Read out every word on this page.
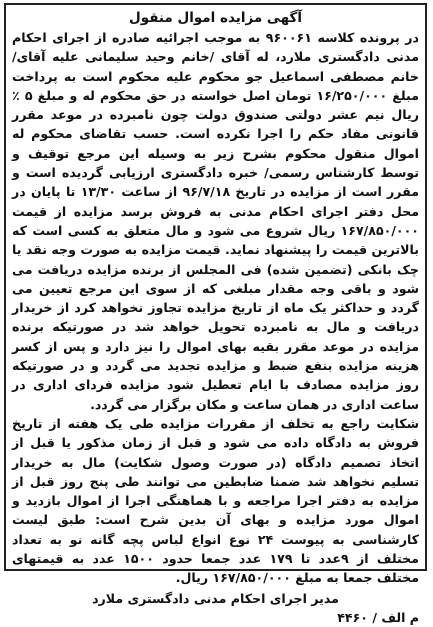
آگهی مزایده اموال منقول

در پرونده کلاسه ۹۶۰۰۶۱ به موجب اجرائیه صادره از اجرای احکام مدنی دادگستری ملارد، له آقای /خانم وحید سلیمانی علیه آقای/خانم مصطفی اسماعیل جو محکوم علیه محکوم است به پرداخت مبلغ ۱۶/۲۵۰/۰۰۰ تومان اصل خواسته در حق محکوم له و مبلغ ۵ ٪ ریال نیم عشر دولتی صندوق دولت چون نامبرده در موعد مقرر قانونی مفاد حکم را اجرا نکرده است. حسب تقاضای محکوم له اموال منقول محکوم بشرح زیر به وسیله این مرجع توقیف و توسط کارشناس رسمی/ خبره دادگستری ارزیابی گردیده است و مقرر است از مزایده در تاریخ ۹۶/۷/۱۸ از ساعت ۱۳/۳۰ تا پایان در محل دفتر اجرای احکام مدنی به فروش برسد مزایده از قیمت ۱۶۷/۸۵۰/۰۰۰ ریال شروع می شود و مال متعلق به کسی است که بالاترین قیمت را پیشنهاد نماید. قیمت مزایده به صورت وجه نقد یا چک بانکی (تضمین شده) فی المجلس از برنده مزایده دریافت می شود و باقی وجه مقدار مبلغی که از سوی این مرجع تعیین می گردد و حداکثر یک ماه از تاریخ مزایده تجاوز نخواهد کرد از خریدار دریافت و مال به نامبرده تحویل خواهد شد در صورتیکه برنده مزایده در موعد مقرر بقیه بهای اموال را نیز دارد و پس از کسر هزینه مزایده بنفع ضبط و مزایده تجدید می گردد و در صورتیکه روز مزایده مصادف با ایام تعطیل شود مزایده فردای اداری در ساعت اداری در همان ساعت و مکان برگزار می گردد.

شکایت راجع به تخلف از مقررات مزایده طی یک هفته از تاریخ فروش به دادگاه داده می شود و قبل از زمان مذکور یا قبل از اتخاذ تصمیم دادگاه (در صورت وصول شکایت) مال به خریدار تسلیم نخواهد شد ضمنا ضابطین می توانند طی پنج روز قبل از مزایده به دفتر اجرا مراجعه و با هماهنگی اجرا از اموال بازدید و اموال مورد مزایده و بهای آن بدین شرح است: طبق لیست کارشناسی به پیوست ۲۴ نوع انواع لباس پچه گانه نو به تعداد مختلف از ۹عدد تا ۱۷۹ عدد جمعا حدود ۱۵۰۰ عدد به قیمتهای مختلف جمعا به مبلغ ۱۶۷/۸۵۰/۰۰۰ ریال.

مدیر اجرای احکام مدنی دادگستری ملارد
م الف / ۴۴۶۰
